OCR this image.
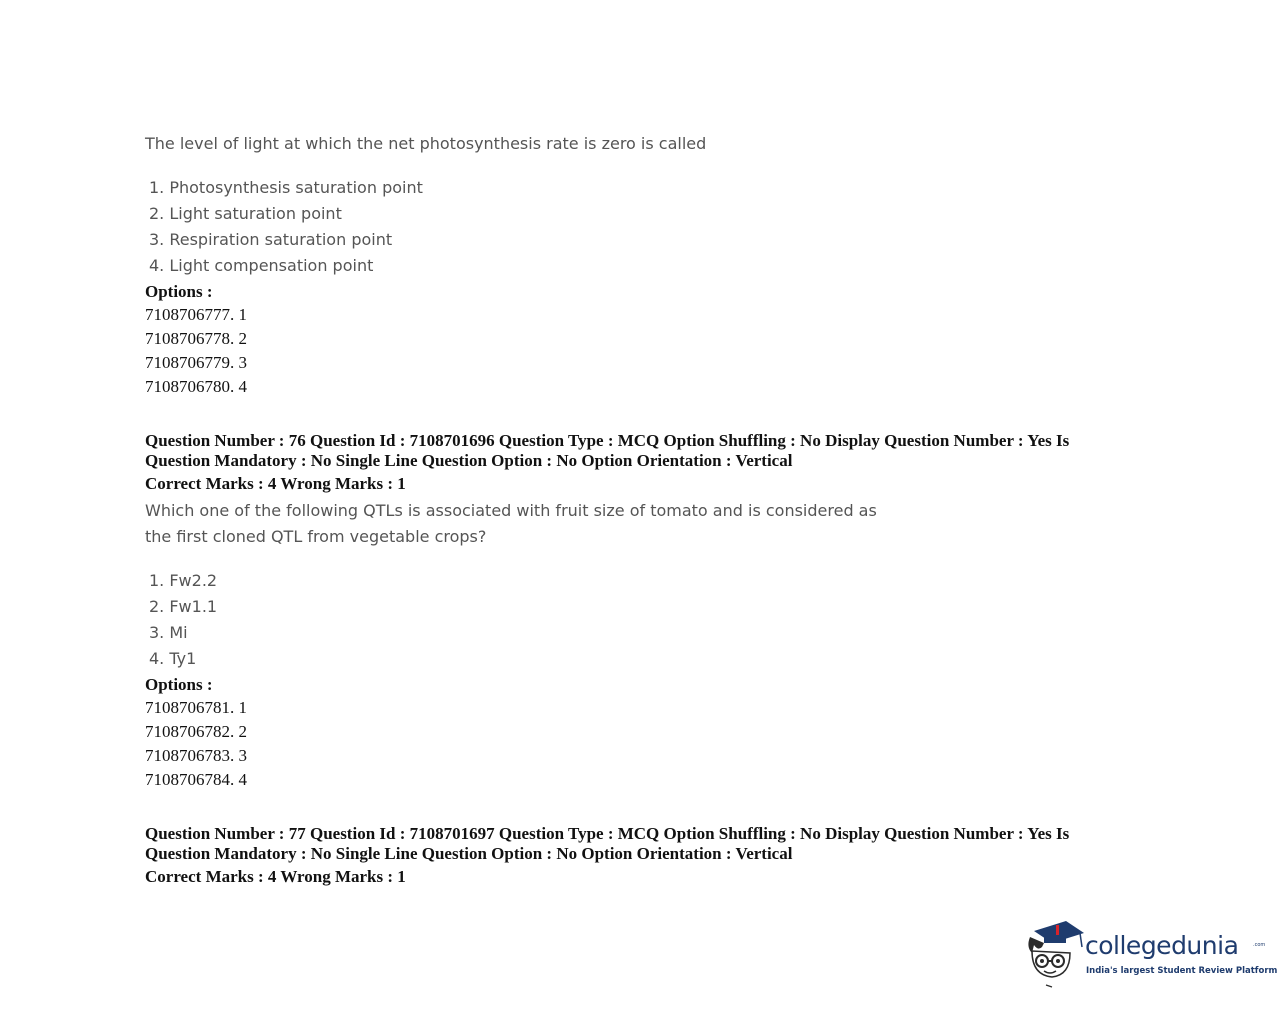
The level of light at which the net photosynthesis rate is zero is called
1. Photosynthesis saturation point
2. Light saturation point
3. Respiration saturation point
4. Light compensation point
Options :
7108706777. 1
7108706778. 2
7108706779. 3
7108706780. 4
Question Number : 76 Question Id : 7108701696 Question Type : MCQ Option Shuffling : No Display Question Number : Yes Is Question Mandatory : No Single Line Question Option : No Option Orientation : Vertical
Correct Marks : 4 Wrong Marks : 1
Which one of the following QTLs is associated with fruit size of tomato and is considered as
the first cloned QTL from vegetable crops?
1. Fw2.2
2. Fw1.1
3. Mi
4. Ty1
Options :
7108706781. 1
7108706782. 2
7108706783. 3
7108706784. 4
Question Number : 77 Question Id : 7108701697 Question Type : MCQ Option Shuffling : No Display Question Number : Yes Is Question Mandatory : No Single Line Question Option : No Option Orientation : Vertical
Correct Marks : 4 Wrong Marks : 1
collegedunia	.com
India's largest Student Review Platform
